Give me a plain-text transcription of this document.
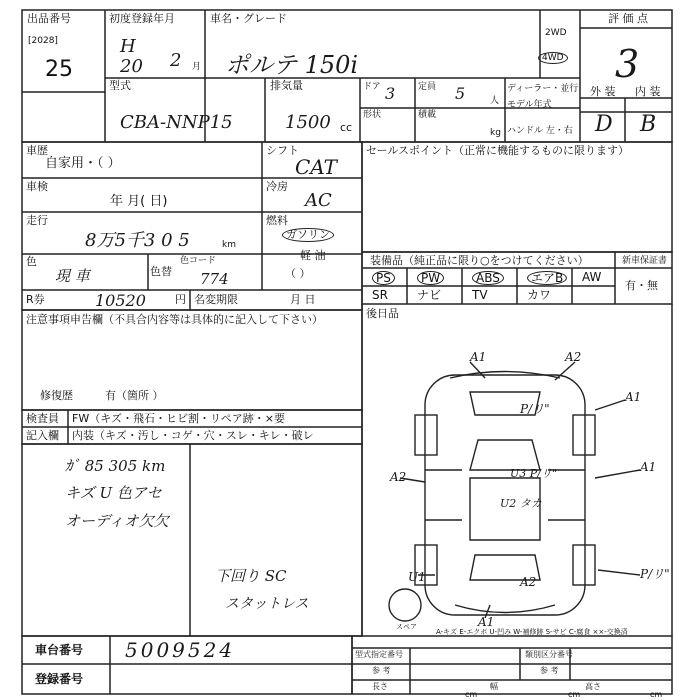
出品番号
[2028]
25
初度登録年月
H
20 2 月
車名・グレード
ポルテ 150i
2WD
4WD
評 価 点
3
外 装 内 装
D B
型式
CBA-NNP15
排気量
1500 cc
ドア 3
形状
定員 5	人
積載
kg
ディーラー・並行
モデル年式
ハンドル 左・右
車歴
自家用・（ ）
車検
年 月( 日)
走行
8万5千3 0 5	km
色
現 車	色替
色コード
774
シフト
CAT
冷房
AC
燃料
ガソリン
軽 油
（ ）
R券	10520	円 名変期限	月 日
セールスポイント（正常に機能するものに限ります）
装備品（純正品に限り○をつけてください）	新車保証書
有・無
PS	PW	ABS	エアB	AW
SR ナビ	TV	カワ
後日品
注意事項申告欄（不具合内容等は具体的に記入して下さい）
修復歴	有（箇所 ）
検査員 FW（キズ・飛石・ヒビ割・リペア跡・×要
記入欄 内装（キズ・汚し・コゲ・穴・スレ・キレ・破レ
ｶﾞ 85 305 km
キズ U 色アセ
オーディオ欠欠
下回り SC
スタットレス
A1	A2
P/リ"
A1
A2
A1
U3 P/リ"
U2 タカ
U1	A2
P/リ"
A1
スペア
A-キズ E-エクボ U-凹み W-補修跡 S-サビ C-腐食 ××-交換済
型式指定番号
参 考
類別区分番号
参 考
長さ
cm
幅
cm
高さ
cm
車台番号 5009524
登録番号
